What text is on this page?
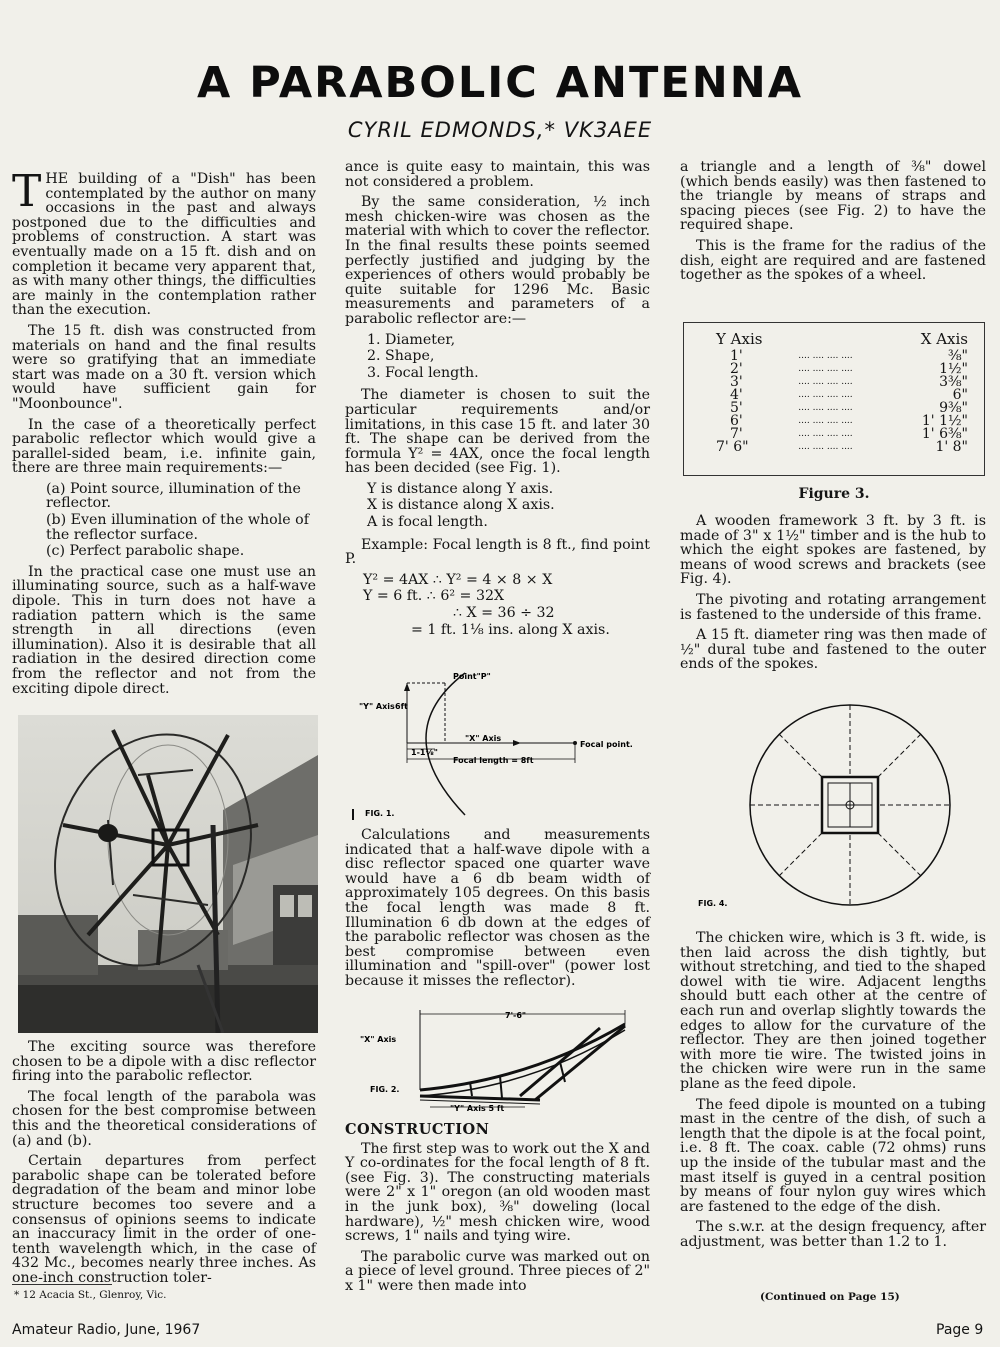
A PARABOLIC ANTENNA
CYRIL EDMONDS,* VK3AEE

THE building of a "Dish" has been contemplated by the author on many occasions in the past and always postponed due to the difficulties and problems of construction. A start was eventually made on a 15 ft. dish and on completion it became very apparent that, as with many other things, the difficulties are mainly in the contemplation rather than the execution.

The 15 ft. dish was constructed from materials on hand and the final results were so gratifying that an immediate start was made on a 30 ft. version which would have sufficient gain for "Moonbounce".

In the case of a theoretically perfect parabolic reflector which would give a parallel-sided beam, i.e. infinite gain, there are three main requirements:—

(a) Point source, illumination of the reflector.
(b) Even illumination of the whole of the reflector surface.
(c) Perfect parabolic shape.

In the practical case one must use an illuminating source, such as a half-wave dipole. This in turn does not have a radiation pattern which is the same strength in all directions (even illumination). Also it is desirable that all radiation in the desired direction come from the reflector and not from the exciting dipole direct.

The exciting source was therefore chosen to be a dipole with a disc reflector firing into the parabolic reflector.

The focal length of the parabola was chosen for the best compromise between this and the theoretical considerations of (a) and (b).

Certain departures from perfect parabolic shape can be tolerated before degradation of the beam and minor lobe structure becomes too severe and a consensus of opinions seems to indicate an inaccuracy limit in the order of one-tenth wavelength which, in the case of 432 Mc., becomes nearly three inches. As one-inch construction toler-

* 12 Acacia St., Glenroy, Vic.

ance is quite easy to maintain, this was not considered a problem.

By the same consideration, ½ inch mesh chicken-wire was chosen as the material with which to cover the reflector. In the final results these points seemed perfectly justified and judging by the experiences of others would probably be quite suitable for 1296 Mc. Basic measurements and parameters of a parabolic reflector are:—

1. Diameter,
2. Shape,
3. Focal length.

The diameter is chosen to suit the particular requirements and/or limitations, in this case 15 ft. and later 30 ft. The shape can be derived from the formula Y² = 4AX, once the focal length has been decided (see Fig. 1).

Y is distance along Y axis.
X is distance along X axis.
A is focal length.

Example: Focal length is 8 ft., find point P.

Y² = 4AX ∴ Y² = 4 × 8 × X
Y = 6 ft. ∴ 6² = 32X
∴ X = 36 ÷ 32
= 1 ft. 1⅛ ins. along X axis.
Point"P"
"Y" Axis 6ft
1-1⅛"
"X" Axis
Focal point.
Focal length = 8ft
FIG. 1.

Calculations and measurements indicated that a half-wave dipole with a disc reflector spaced one quarter wave would have a 6 db beam width of approximately 105 degrees. On this basis the focal length was made 8 ft. Illumination 6 db down at the edges of the parabolic reflector was chosen as the best compromise between even illumination and "spill-over" (power lost because it misses the reflector).

"X" Axis
7'-6"
"Y" Axis 5 ft
FIG. 2.
CONSTRUCTION

The first step was to work out the X and Y co-ordinates for the focal length of 8 ft. (see Fig. 3). The constructing materials were 2" x 1" oregon (an old wooden mast in the junk box), ⅜" doweling (local hardware), ½" mesh chicken wire, wood screws, 1" nails and tying wire.

The parabolic curve was marked out on a piece of level ground. Three pieces of 2" x 1" were then made into

a triangle and a length of ⅜" dowel (which bends easily) was then fastened to the triangle by means of straps and spacing pieces (see Fig. 2) to have the required shape.

This is the frame for the radius of the dish, eight are required and are fastened together as the spokes of a wheel.

Y Axis		X Axis
1'	.... .... .... ....	⅜"
2'	.... .... .... ....	1½"
3'	.... .... .... ....	3⅜"
4'	.... .... .... ....	6"
5'	.... .... .... ....	9⅜"
6'	.... .... .... ....	1' 1½"
7'	.... .... .... ....	1' 6⅜"
7' 6"	.... .... .... ....	1' 8"
Figure 3.

A wooden framework 3 ft. by 3 ft. is made of 3" x 1½" timber and is the hub to which the eight spokes are fastened, by means of wood screws and brackets (see Fig. 4).

The pivoting and rotating arrangement is fastened to the underside of this frame.

A 15 ft. diameter ring was then made of ½" dural tube and fastened to the outer ends of the spokes.

FIG. 4.

The chicken wire, which is 3 ft. wide, is then laid across the dish tightly, but without stretching, and tied to the shaped dowel with tie wire. Adjacent lengths should butt each other at the centre of each run and overlap slightly towards the edges to allow for the curvature of the reflector. They are then joined together with more tie wire. The twisted joins in the chicken wire were run in the same plane as the feed dipole.

The feed dipole is mounted on a tubing mast in the centre of the dish, of such a length that the dipole is at the focal point, i.e. 8 ft. The coax. cable (72 ohms) runs up the inside of the tubular mast and the mast itself is guyed in a central position by means of four nylon guy wires which are fastened to the edge of the dish.

The s.w.r. at the design frequency, after adjustment, was better than 1.2 to 1.

(Continued on Page 15)
Amateur Radio, June, 1967	Page 9
